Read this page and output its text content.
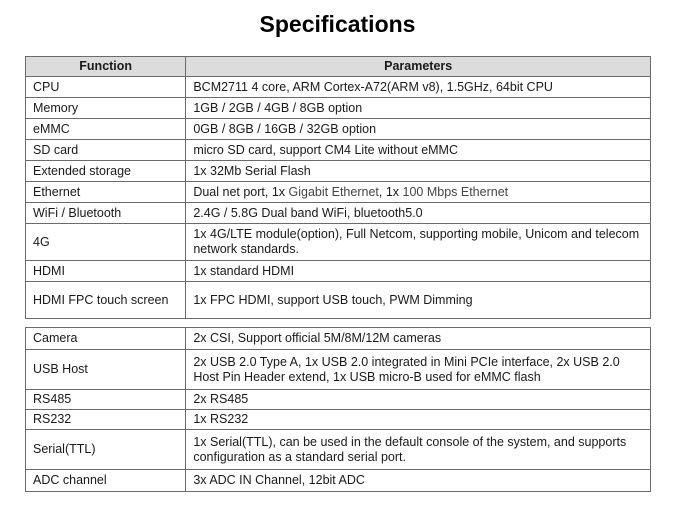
Specifications
Function	Parameters
CPU	BCM2711 4 core, ARM Cortex-A72(ARM v8), 1.5GHz, 64bit CPU
Memory	1GB / 2GB / 4GB / 8GB option
eMMC	0GB / 8GB / 16GB / 32GB option
SD card	micro SD card, support CM4 Lite without eMMC
Extended storage	1x 32Mb Serial Flash
Ethernet	Dual net port, 1x Gigabit Ethernet, 1x 100 Mbps Ethernet
WiFi / Bluetooth	2.4G / 5.8G Dual band WiFi, bluetooth5.0
4G	1x 4G/LTE module(option), Full Netcom, supporting mobile, Unicom and telecom network standards.
HDMI	1x standard HDMI
HDMI FPC touch screen	1x FPC HDMI, support USB touch, PWM Dimming
Camera	2x CSI, Support official 5M/8M/12M cameras
USB Host	2x USB 2.0 Type A, 1x USB 2.0 integrated in Mini PCIe interface, 2x USB 2.0 Host Pin Header extend, 1x USB micro-B used for eMMC flash
RS485	2x RS485
RS232	1x RS232
Serial(TTL)	1x Serial(TTL), can be used in the default console of the system, and supports configuration as a standard serial port.
ADC channel	3x ADC IN Channel, 12bit ADC
